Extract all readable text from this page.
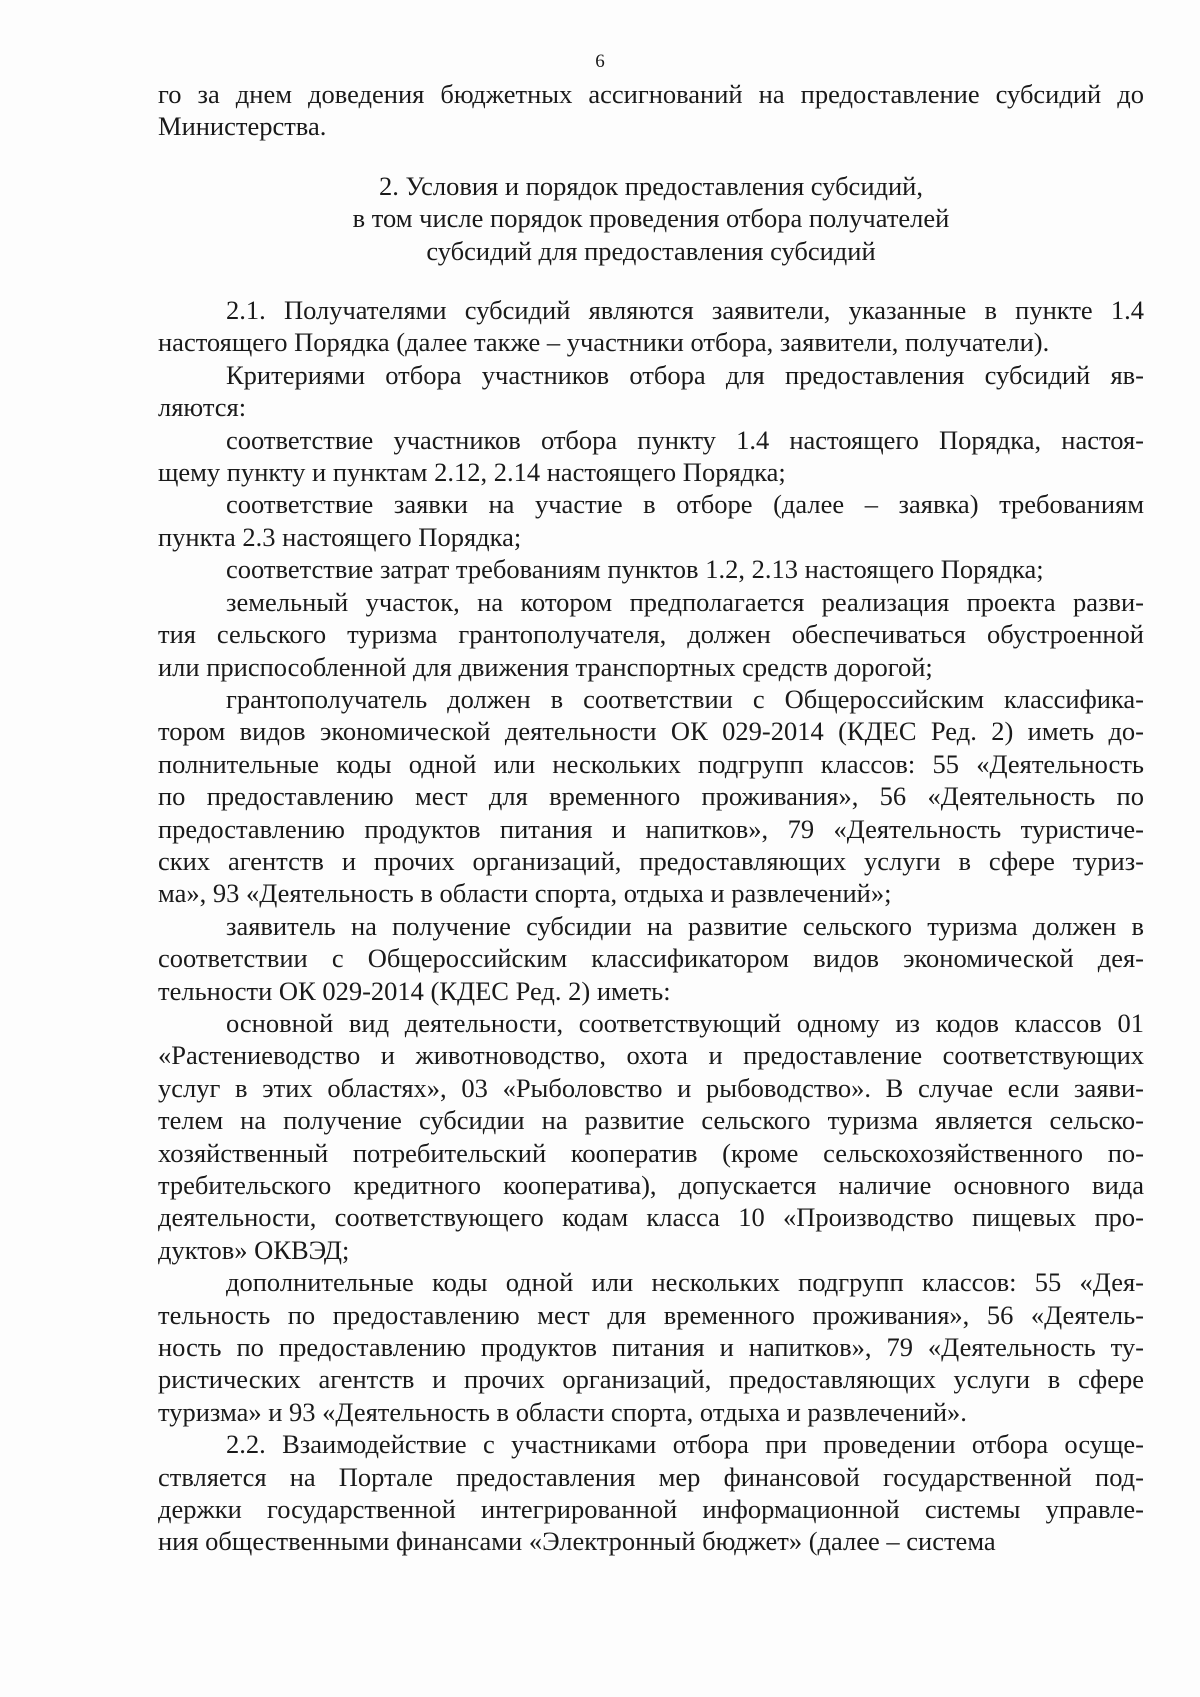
6

го за днем доведения бюджетных ассигнований на предоставление субсидий до

Министерства.

2. Условия и порядок предоставления субсидий,
в том числе порядок проведения отбора получателей
субсидий для предоставления субсидий

2.1. Получателями субсидий являются заявители, указанные в пункте 1.4

настоящего Порядка (далее также – участники отбора, заявители, получатели).

Критериями отбора участников отбора для предоставления субсидий яв-

ляются:

соответствие участников отбора пункту 1.4 настоящего Порядка, настоя-

щему пункту и пунктам 2.12, 2.14 настоящего Порядка;

соответствие заявки на участие в отборе (далее – заявка) требованиям

пункта 2.3 настоящего Порядка;

соответствие затрат требованиям пунктов 1.2, 2.13 настоящего Порядка;

земельный участок, на котором предполагается реализация проекта разви-

тия сельского туризма грантополучателя, должен обеспечиваться обустроенной

или приспособленной для движения транспортных средств дорогой;

грантополучатель должен в соответствии с Общероссийским классифика-

тором видов экономической деятельности ОК 029-2014 (КДЕС Ред. 2) иметь до-

полнительные коды одной или нескольких подгрупп классов: 55 «Деятельность

по предоставлению мест для временного проживания», 56 «Деятельность по

предоставлению продуктов питания и напитков», 79 «Деятельность туристиче-

ских агентств и прочих организаций, предоставляющих услуги в сфере туриз-

ма», 93 «Деятельность в области спорта, отдыха и развлечений»;

заявитель на получение субсидии на развитие сельского туризма должен в

соответствии с Общероссийским классификатором видов экономической дея-

тельности ОК 029-2014 (КДЕС Ред. 2) иметь:

основной вид деятельности, соответствующий одному из кодов классов 01

«Растениеводство и животноводство, охота и предоставление соответствующих

услуг в этих областях», 03 «Рыболовство и рыбоводство». В случае если заяви-

телем на получение субсидии на развитие сельского туризма является сельско-

хозяйственный потребительский кооператив (кроме сельскохозяйственного по-

требительского кредитного кооператива), допускается наличие основного вида

деятельности, соответствующего кодам класса 10 «Производство пищевых про-

дуктов» ОКВЭД;

дополнительные коды одной или нескольких подгрупп классов: 55 «Дея-

тельность по предоставлению мест для временного проживания», 56 «Деятель-

ность по предоставлению продуктов питания и напитков», 79 «Деятельность ту-

ристических агентств и прочих организаций, предоставляющих услуги в сфере

туризма» и 93 «Деятельность в области спорта, отдыха и развлечений».

2.2. Взаимодействие с участниками отбора при проведении отбора осуще-

ствляется на Портале предоставления мер финансовой государственной под-

держки государственной интегрированной информационной системы управле-

ния общественными финансами «Электронный бюджет» (далее – система
